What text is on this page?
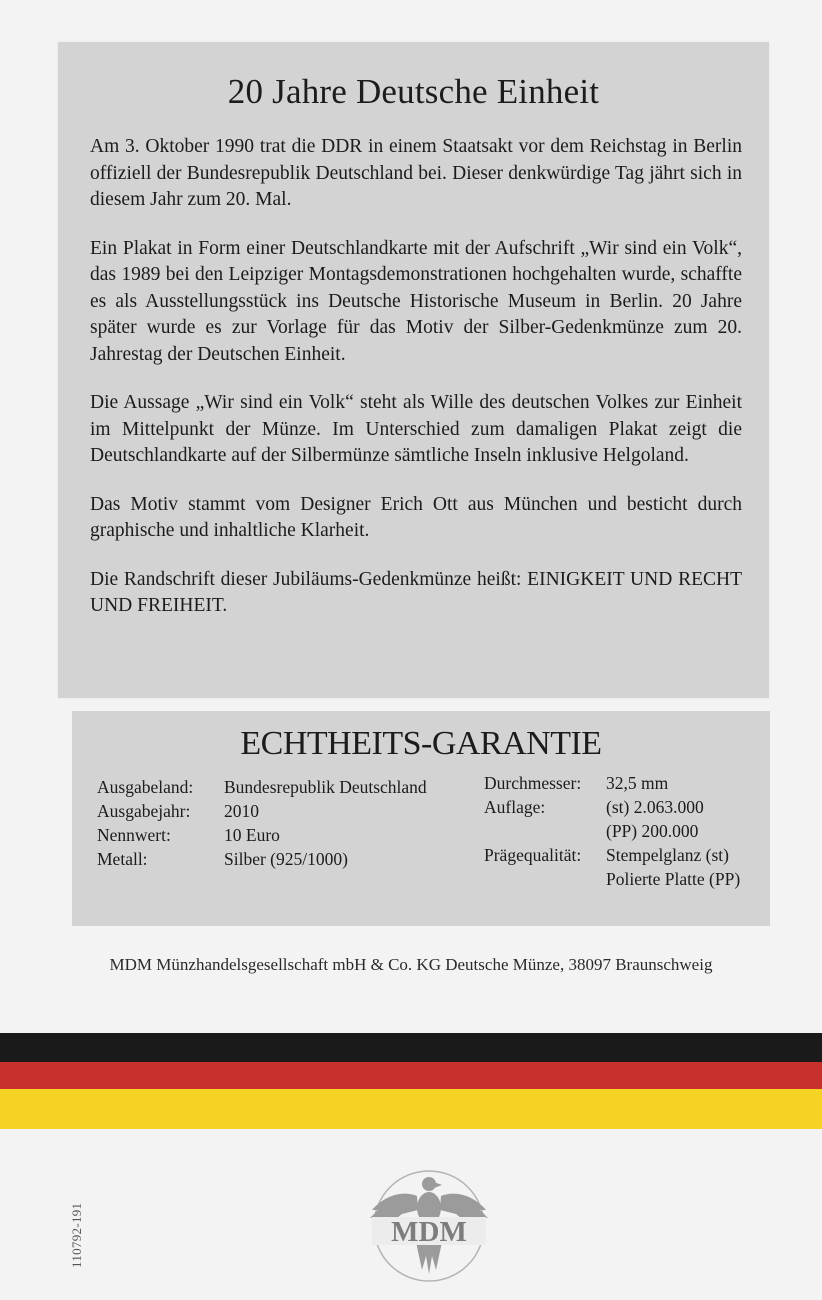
20 Jahre Deutsche Einheit

Am 3. Oktober 1990 trat die DDR in einem Staatsakt vor dem Reichstag in Berlin offiziell der Bundesrepublik Deutschland bei. Dieser denkwürdige Tag jährt sich in diesem Jahr zum 20. Mal.

Ein Plakat in Form einer Deutschlandkarte mit der Aufschrift „Wir sind ein Volk“, das 1989 bei den Leipziger Montagsdemonstrationen hochgehalten wurde, schaffte es als Ausstellungsstück ins Deutsche Historische Museum in Berlin. 20 Jahre später wurde es zur Vorlage für das Motiv der Silber-Gedenkmünze zum 20. Jahrestag der Deutschen Einheit.

Die Aussage „Wir sind ein Volk“ steht als Wille des deutschen Volkes zur Einheit im Mittelpunkt der Münze. Im Unterschied zum damaligen Plakat zeigt die Deutschlandkarte auf der Silbermünze sämtliche Inseln inklusive Helgoland.

Das Motiv stammt vom Designer Erich Ott aus München und besticht durch graphische und inhaltliche Klarheit.

Die Randschrift dieser Jubiläums-Gedenkmünze heißt: EINIGKEIT UND RECHT UND FREIHEIT.

ECHTHEITS-GARANTIE
Ausgabeland:
Ausgabejahr:
Nennwert:
Metall:
Bundesrepublik Deutschland
2010
10 Euro
Silber (925/1000)
Durchmesser:
Auflage:

Prägequalität:
32,5 mm
(st) 2.063.000
(PP) 200.000
Stempelglanz (st)
Polierte Platte (PP)
MDM Münzhandelsgesellschaft mbH & Co. KG Deutsche Münze, 38097 Braunschweig
MDM
110792-191
